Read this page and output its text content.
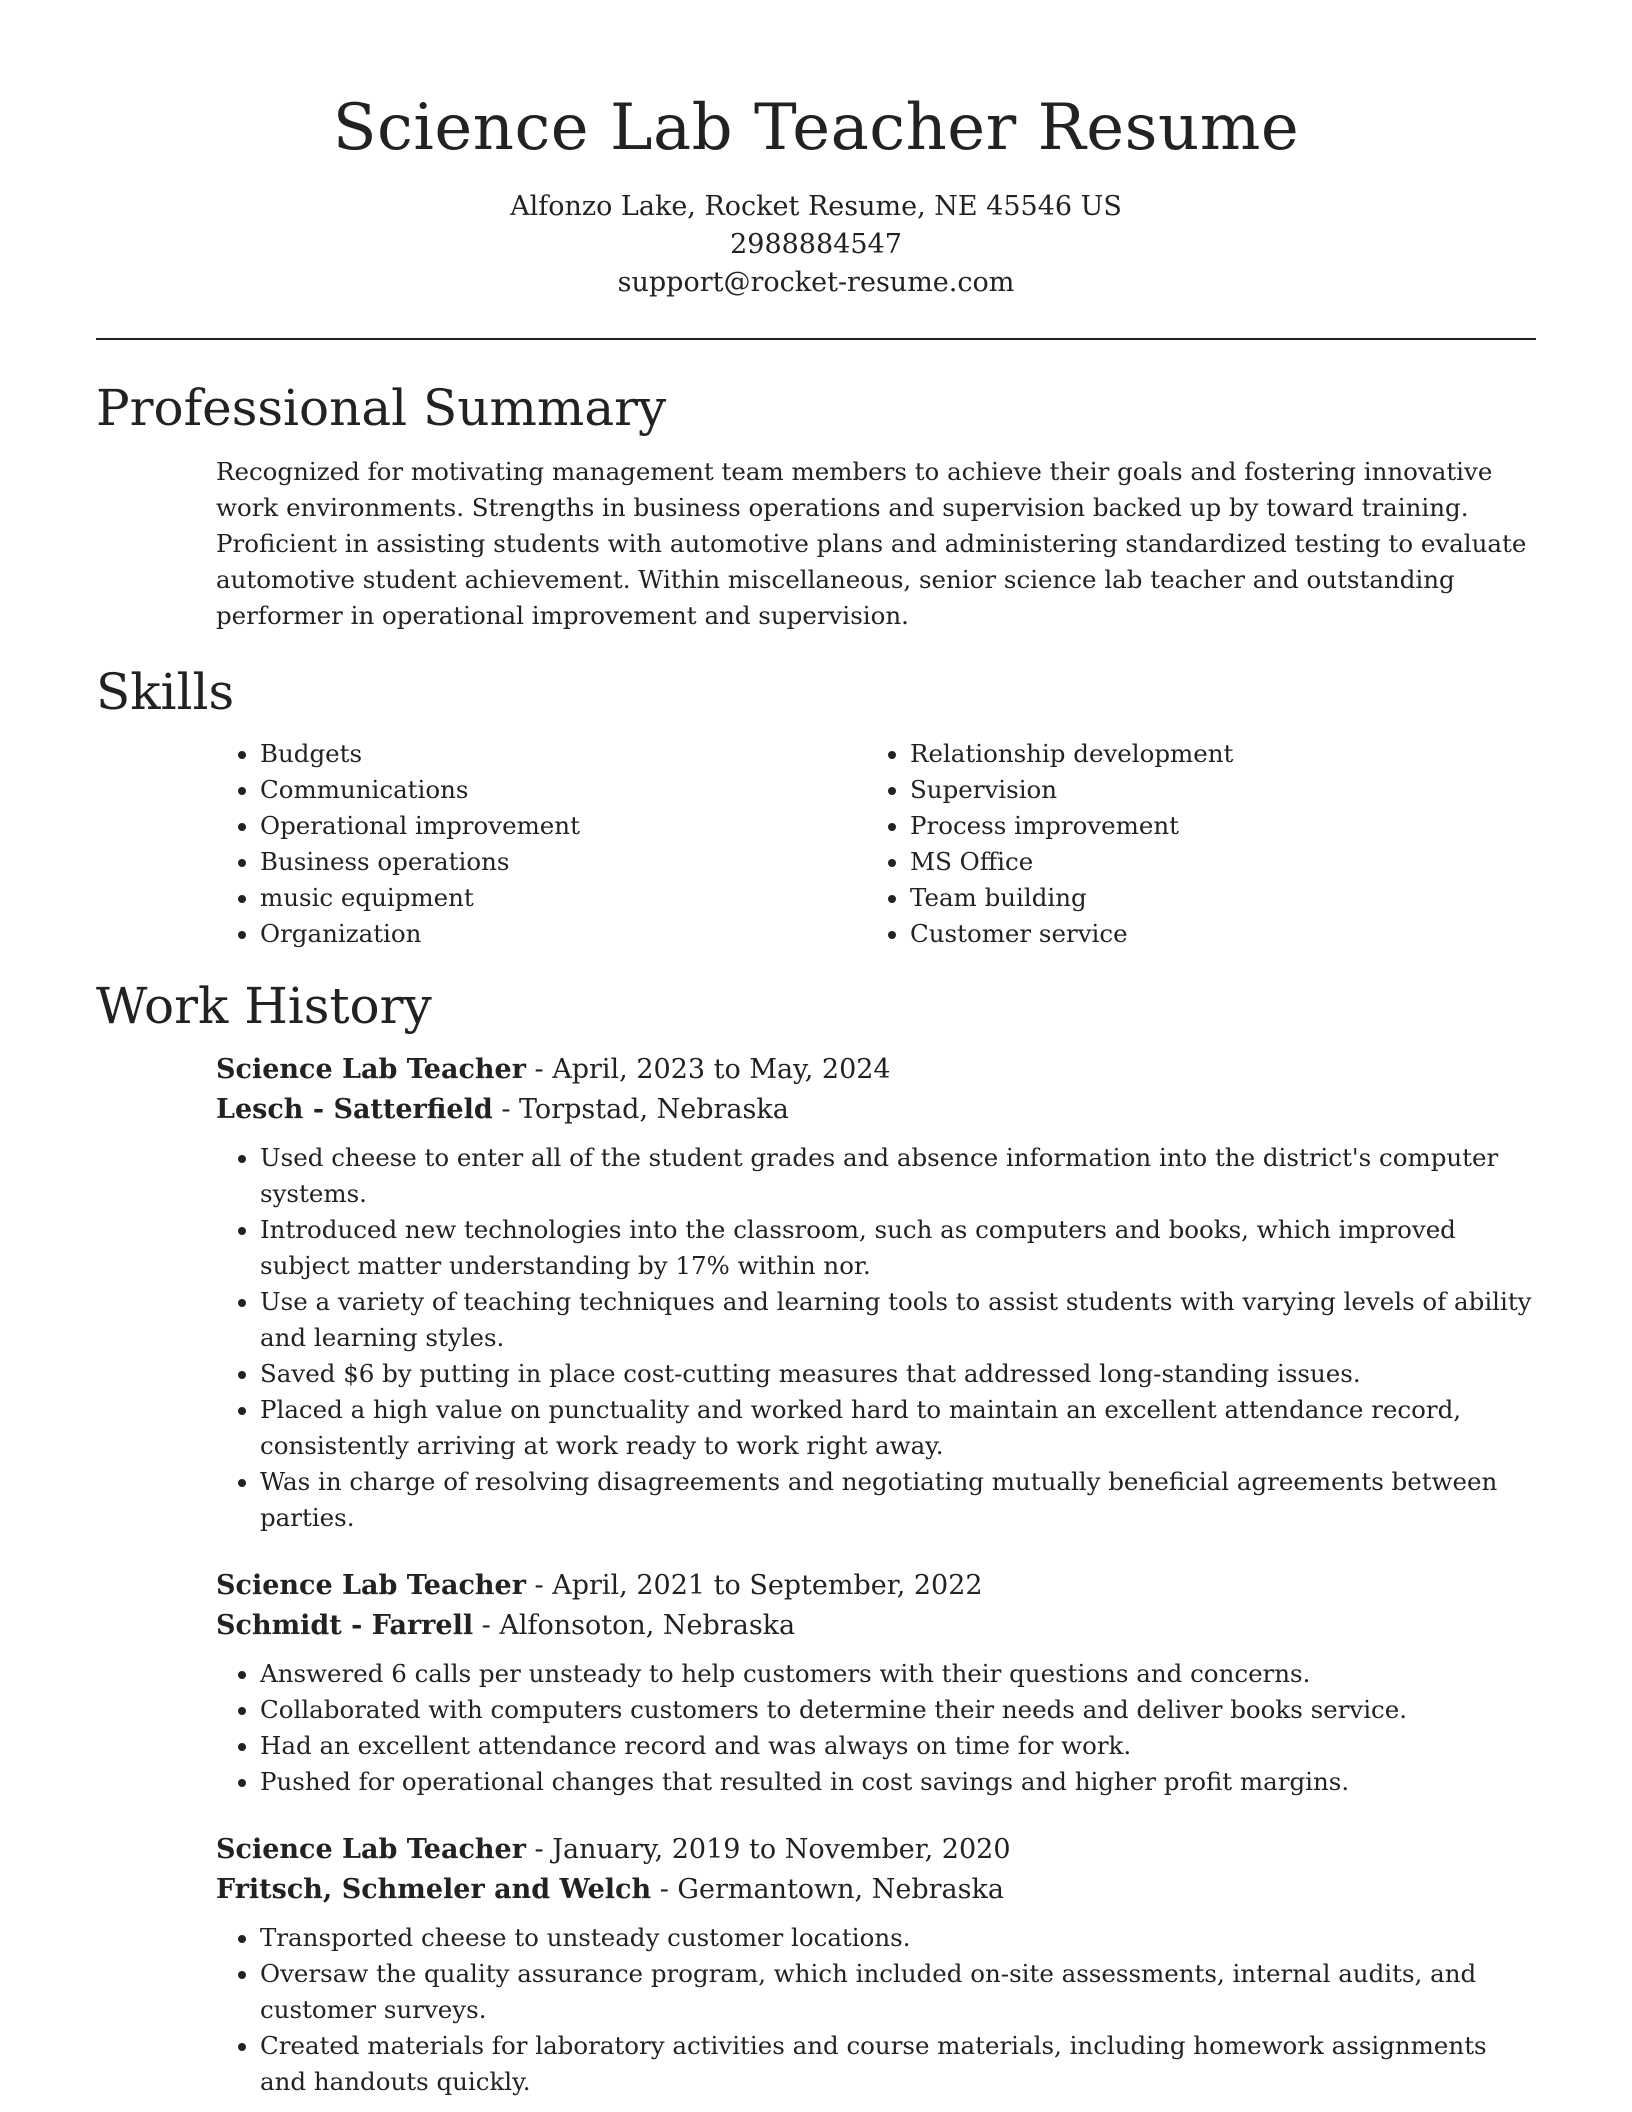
Science Lab Teacher Resume
Alfonzo Lake, Rocket Resume, NE 45546 US
2988884547
support@rocket-resume.com
Professional Summary

Recognized for motivating management team members to achieve their goals and fostering innovative work environments. Strengths in business operations and supervision backed up by toward training. Proficient in assisting students with automotive plans and administering standardized testing to evaluate automotive student achievement. Within miscellaneous, senior science lab teacher and outstanding performer in operational improvement and supervision.

Skills
• Budgets
• Communications
• Operational improvement
• Business operations
• music equipment
• Organization
• Relationship development
• Supervision
• Process improvement
• MS Office
• Team building
• Customer service
Work History
Science Lab Teacher - April, 2023 to May, 2024
Lesch - Satterfield - Torpstad, Nebraska
• Used cheese to enter all of the student grades and absence information into the district's computer systems.
• Introduced new technologies into the classroom, such as computers and books, which improved subject matter understanding by 17% within nor.
• Use a variety of teaching techniques and learning tools to assist students with varying levels of ability and learning styles.
• Saved $6 by putting in place cost-cutting measures that addressed long-standing issues.
• Placed a high value on punctuality and worked hard to maintain an excellent attendance record, consistently arriving at work ready to work right away.
• Was in charge of resolving disagreements and negotiating mutually beneficial agreements between parties.
Science Lab Teacher - April, 2021 to September, 2022
Schmidt - Farrell - Alfonsoton, Nebraska
• Answered 6 calls per unsteady to help customers with their questions and concerns.
• Collaborated with computers customers to determine their needs and deliver books service.
• Had an excellent attendance record and was always on time for work.
• Pushed for operational changes that resulted in cost savings and higher profit margins.
Science Lab Teacher - January, 2019 to November, 2020
Fritsch, Schmeler and Welch - Germantown, Nebraska
• Transported cheese to unsteady customer locations.
• Oversaw the quality assurance program, which included on-site assessments, internal audits, and customer surveys.
• Created materials for laboratory activities and course materials, including homework assignments and handouts quickly.
